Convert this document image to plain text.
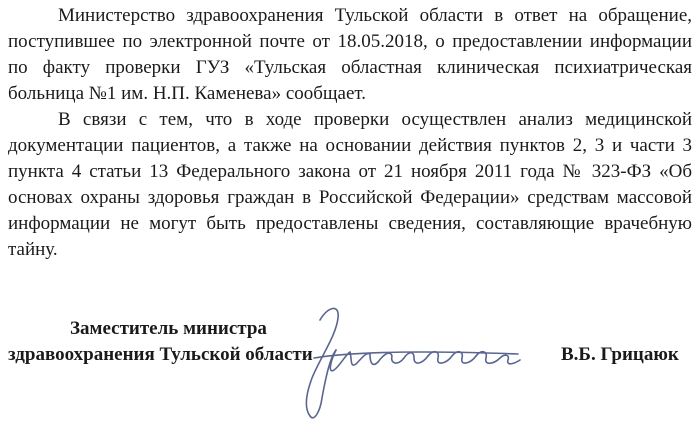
Министерство здравоохранения Тульской области в ответ на обращение, поступившее по электронной почте от 18.05.2018, о предоставлении информации по факту проверки ГУЗ «Тульская областная клиническая психиатрическая больница №1 им. Н.П. Каменева» сообщает.

В связи с тем, что в ходе проверки осуществлен анализ медицинской документации пациентов, а также на основании действия пунктов 2, 3 и части 3 пункта 4 статьи 13 Федерального закона от 21 ноября 2011 года № 323-ФЗ «Об основах охраны здоровья граждан в Российской Федерации» средствам массовой информации не могут быть предоставлены сведения, составляющие врачебную тайну.

Заместитель министра
здравоохранения Тульской области	В.Б. Грицаюк
